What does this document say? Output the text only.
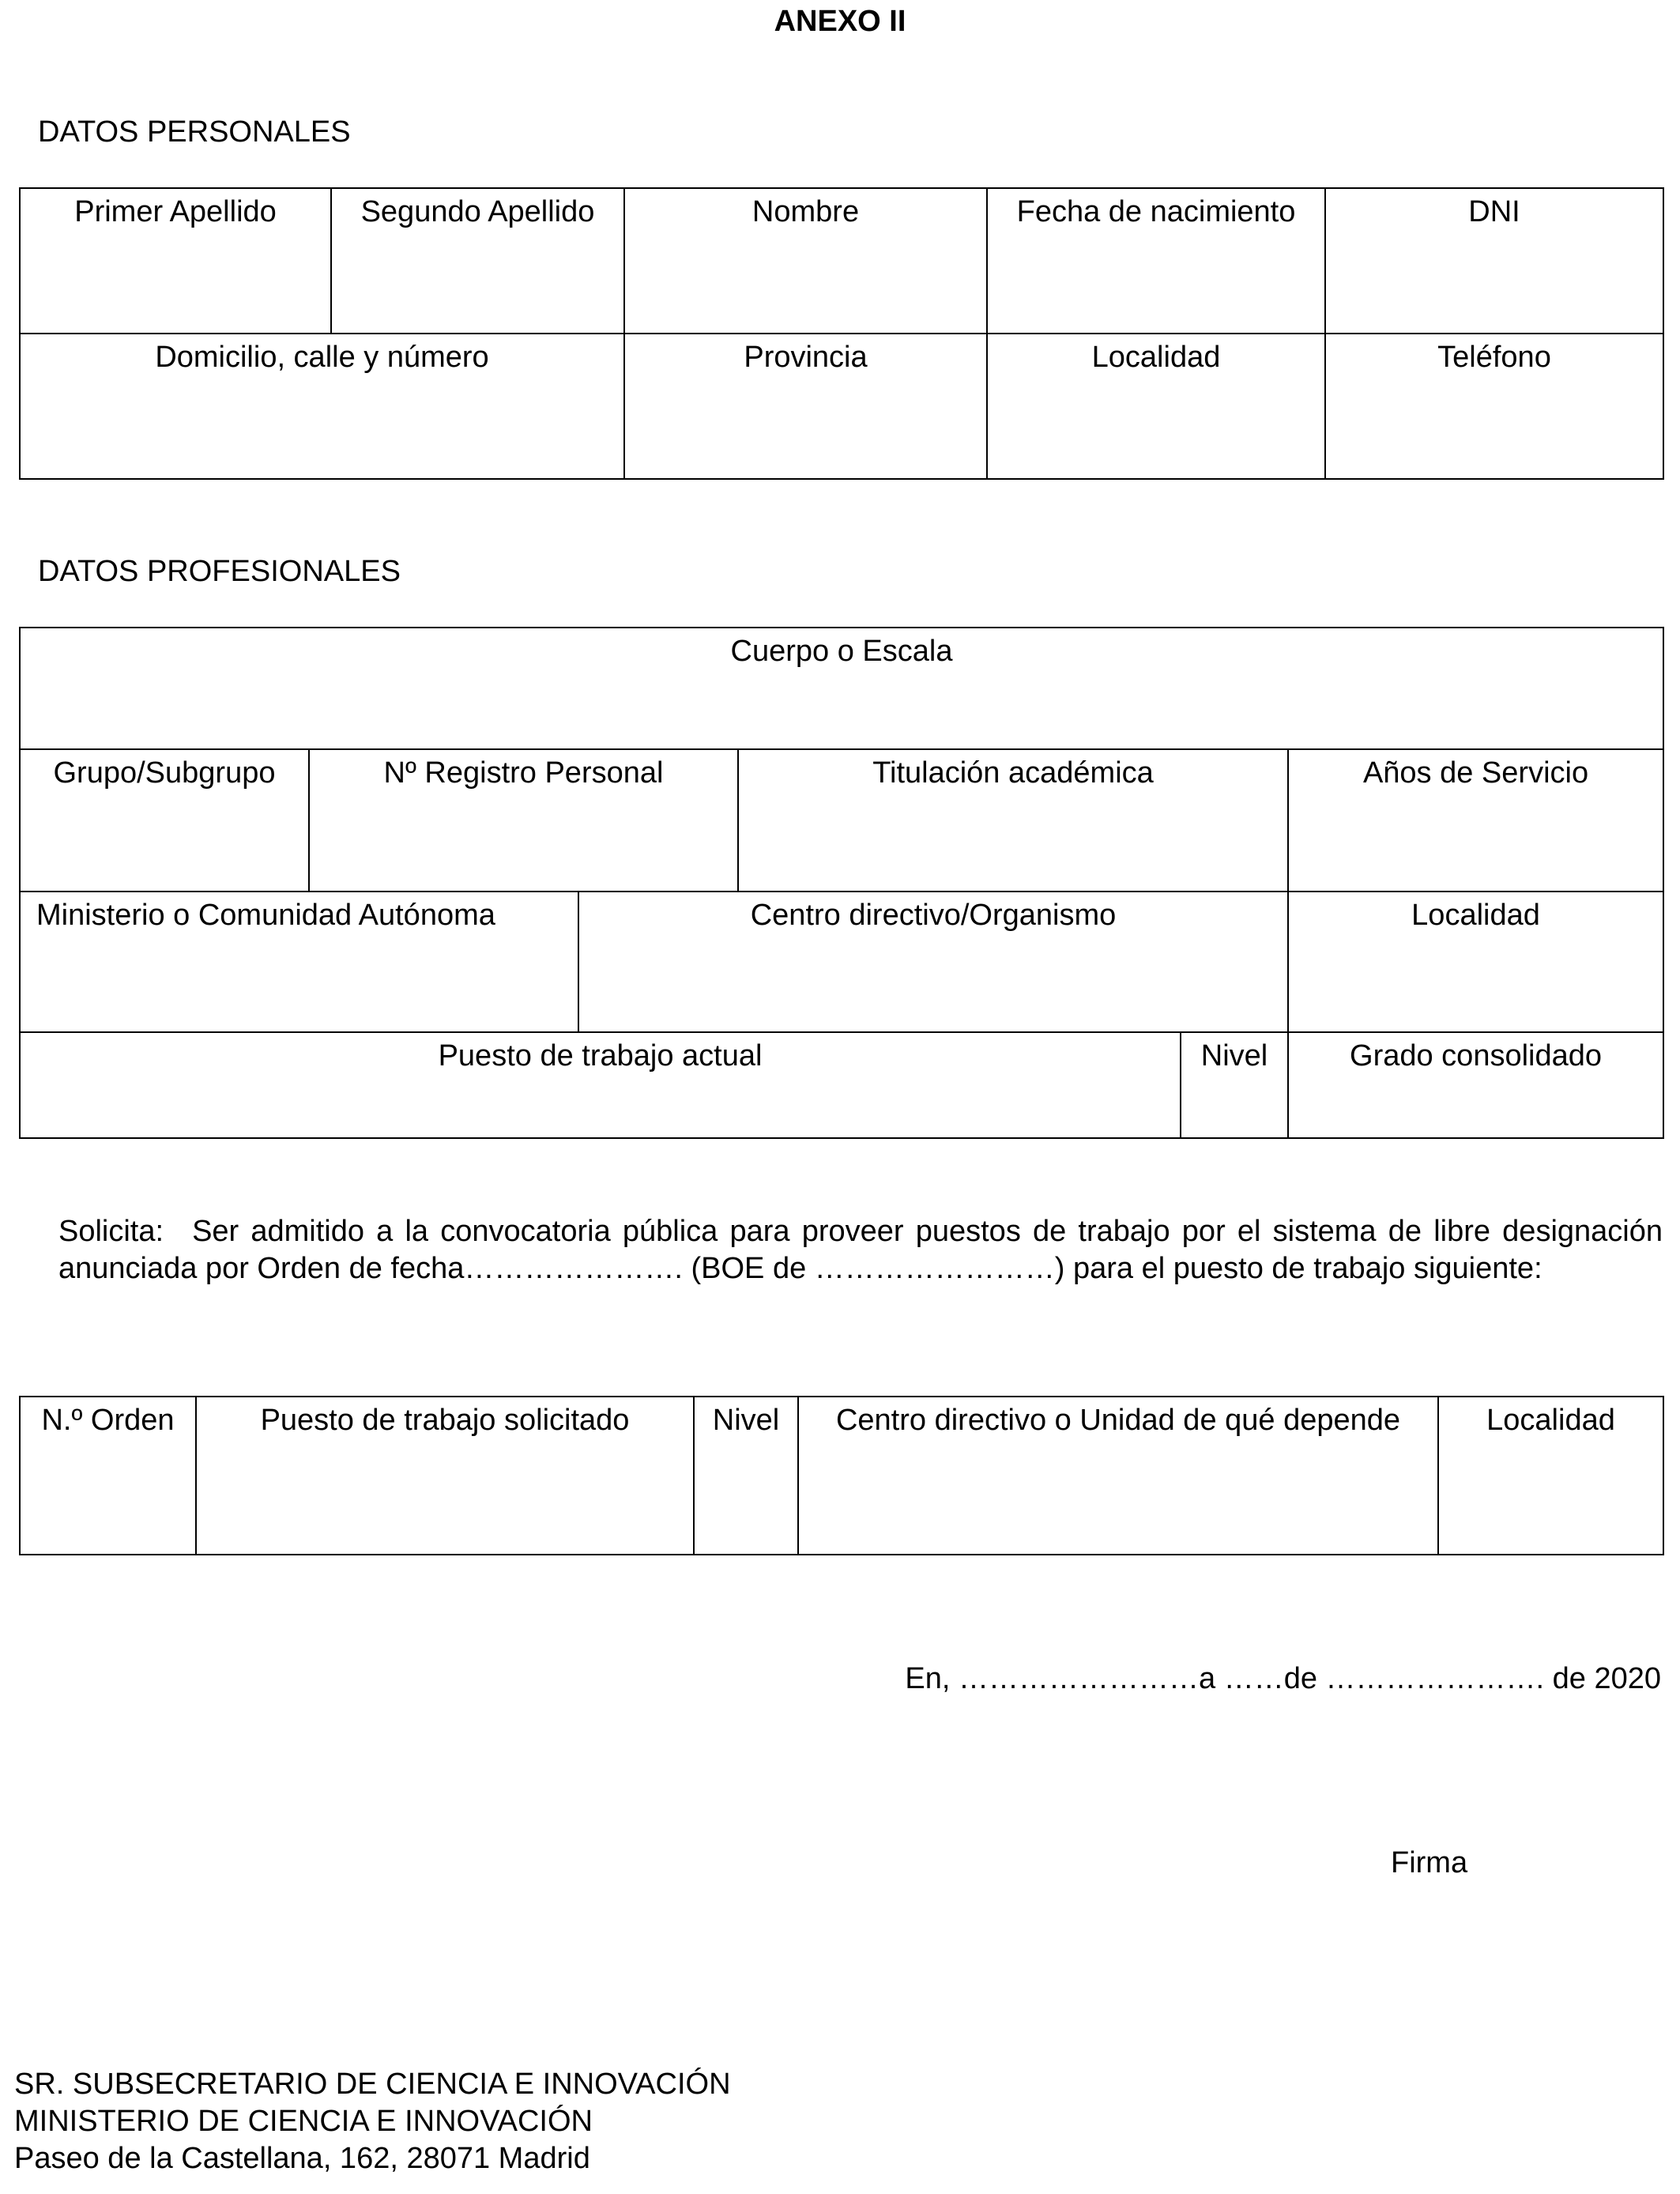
ANEXO II
DATOS PERSONALES
Primer Apellido	Segundo Apellido	Nombre	Fecha de nacimiento	DNI
Domicilio, calle y número		Provincia	Localidad	Teléfono
DATOS PROFESIONALES
Cuerpo o Escala					
Grupo/Subgrupo	Nº Registro Personal		Titulación académica		Años de Servicio
Ministerio o Comunidad Autónoma		Centro directivo/Organismo			Localidad
Puesto de trabajo actual				Nivel	Grado consolidado
Solicita: Ser admitido a la convocatoria pública para proveer puestos de trabajo por el sistema de libre designación anunciada por Orden de fecha…………………. (BOE de ……………………) para el puesto de trabajo siguiente:
N.º Orden	Puesto de trabajo solicitado	Nivel	Centro directivo o Unidad de qué depende	Localidad
En, ……………………a ……de …………………. de 2020
Firma
SR. SUBSECRETARIO DE CIENCIA E INNOVACIÓN
MINISTERIO DE CIENCIA E INNOVACIÓN
Paseo de la Castellana, 162, 28071 Madrid
